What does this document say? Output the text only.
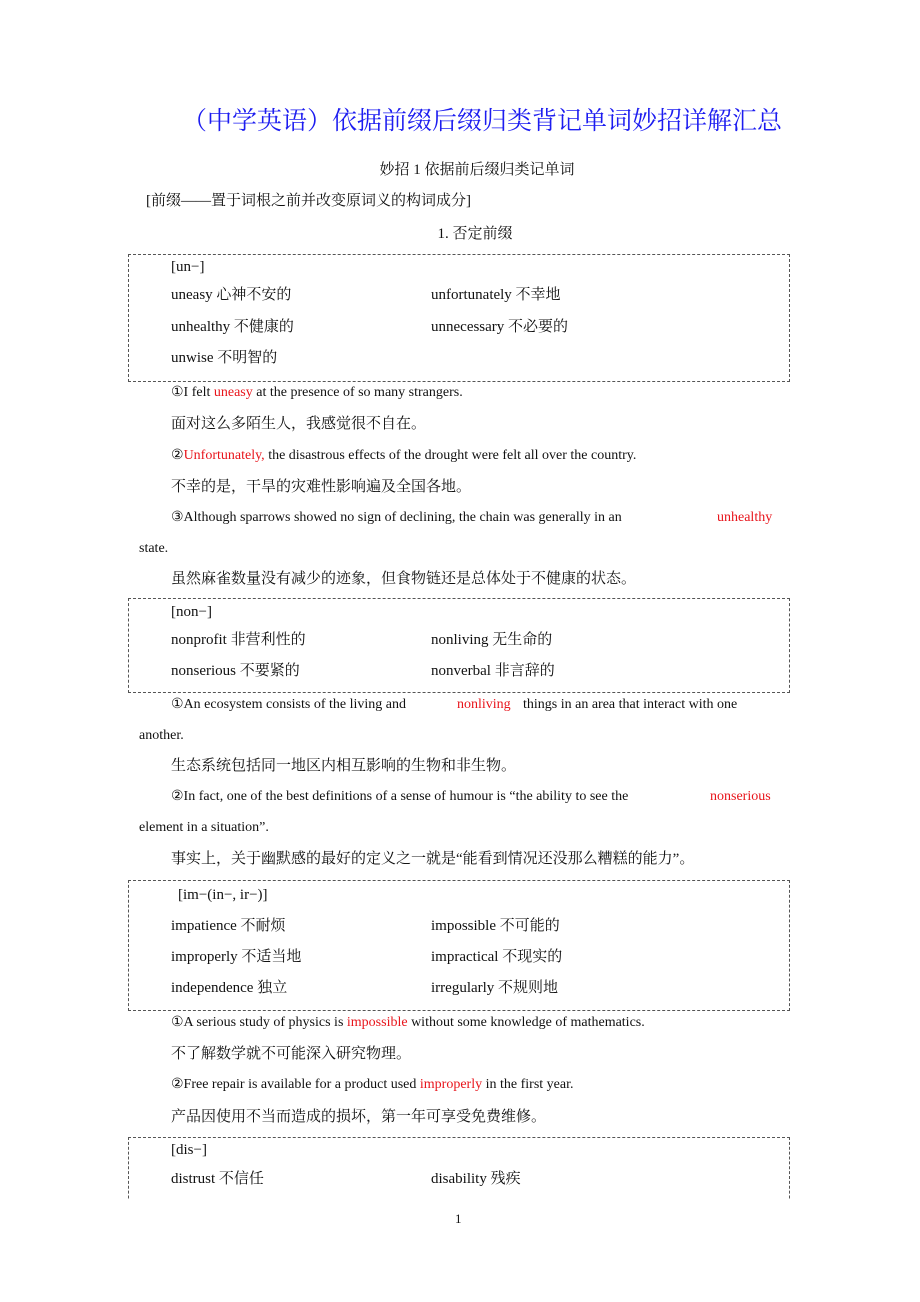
（中学英语）依据前缀后缀归类背记单词妙招详解汇总
妙招 1 依据前后缀归类记单词
[前缀——置于词根之前并改变原词义的构词成分]
1. 否定前缀
[un−]
uneasy 心神不安的	unfortunately 不幸地
unhealthy 不健康的	unnecessary 不必要的
unwise 不明智的
①I felt uneasy at the presence of so many strangers.
面对这么多陌生人，我感觉很不自在。
②Unfortunately, the disastrous effects of the drought were felt all over the country.
不幸的是，干旱的灾难性影响遍及全国各地。
③Although sparrows showed no sign of declining, the chain was generally in an	unhealthy
state.
虽然麻雀数量没有减少的迹象，但食物链还是总体处于不健康的状态。
[non−]
nonprofit 非营利性的	nonliving 无生命的
nonserious 不要紧的	nonverbal 非言辞的
①An ecosystem consists of the living and	nonliving things in an area that interact with one
another.
生态系统包括同一地区内相互影响的生物和非生物。
②In fact, one of the best definitions of a sense of humour is “the ability to see the	nonserious
element in a situation”.
事实上，关于幽默感的最好的定义之一就是“能看到情况还没那么糟糕的能力”。
[im−(in−, ir−)]
impatience 不耐烦	impossible 不可能的
improperly 不适当地	impractical 不现实的
independence 独立	irregularly 不规则地
①A serious study of physics is impossible without some knowledge of mathematics.
不了解数学就不可能深入研究物理。
②Free repair is available for a product used improperly in the first year.
产品因使用不当而造成的损坏，第一年可享受免费维修。
[dis−]
distrust 不信任	disability 残疾
1
